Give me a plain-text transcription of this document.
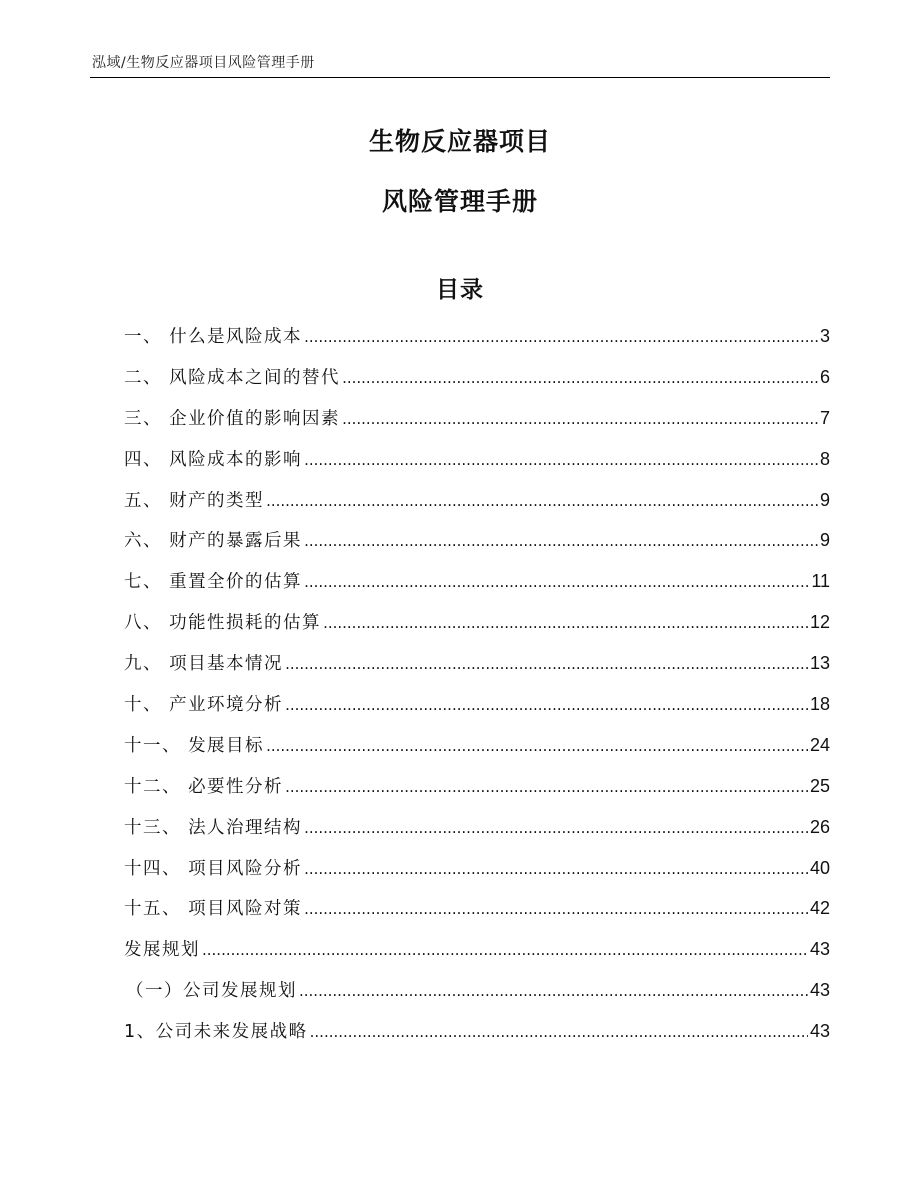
泓域/生物反应器项目风险管理手册
生物反应器项目
风险管理手册
目录
一、 什么是风险成本 .....	3
二、 风险成本之间的替代 .....	6
三、 企业价值的影响因素 .....	7
四、 风险成本的影响 .....	8
五、 财产的类型 .....	9
六、 财产的暴露后果 .....	9
七、 重置全价的估算 .....	11
八、 功能性损耗的估算 .....	12
九、 项目基本情况 .....	13
十、 产业环境分析 .....	18
十一、 发展目标 .....	24
十二、 必要性分析 .....	25
十三、 法人治理结构 .....	26
十四、 项目风险分析 .....	40
十五、 项目风险对策 .....	42
发展规划 .....	43
（一）公司发展规划 .....	43
1、公司未来发展战略 .....	43
